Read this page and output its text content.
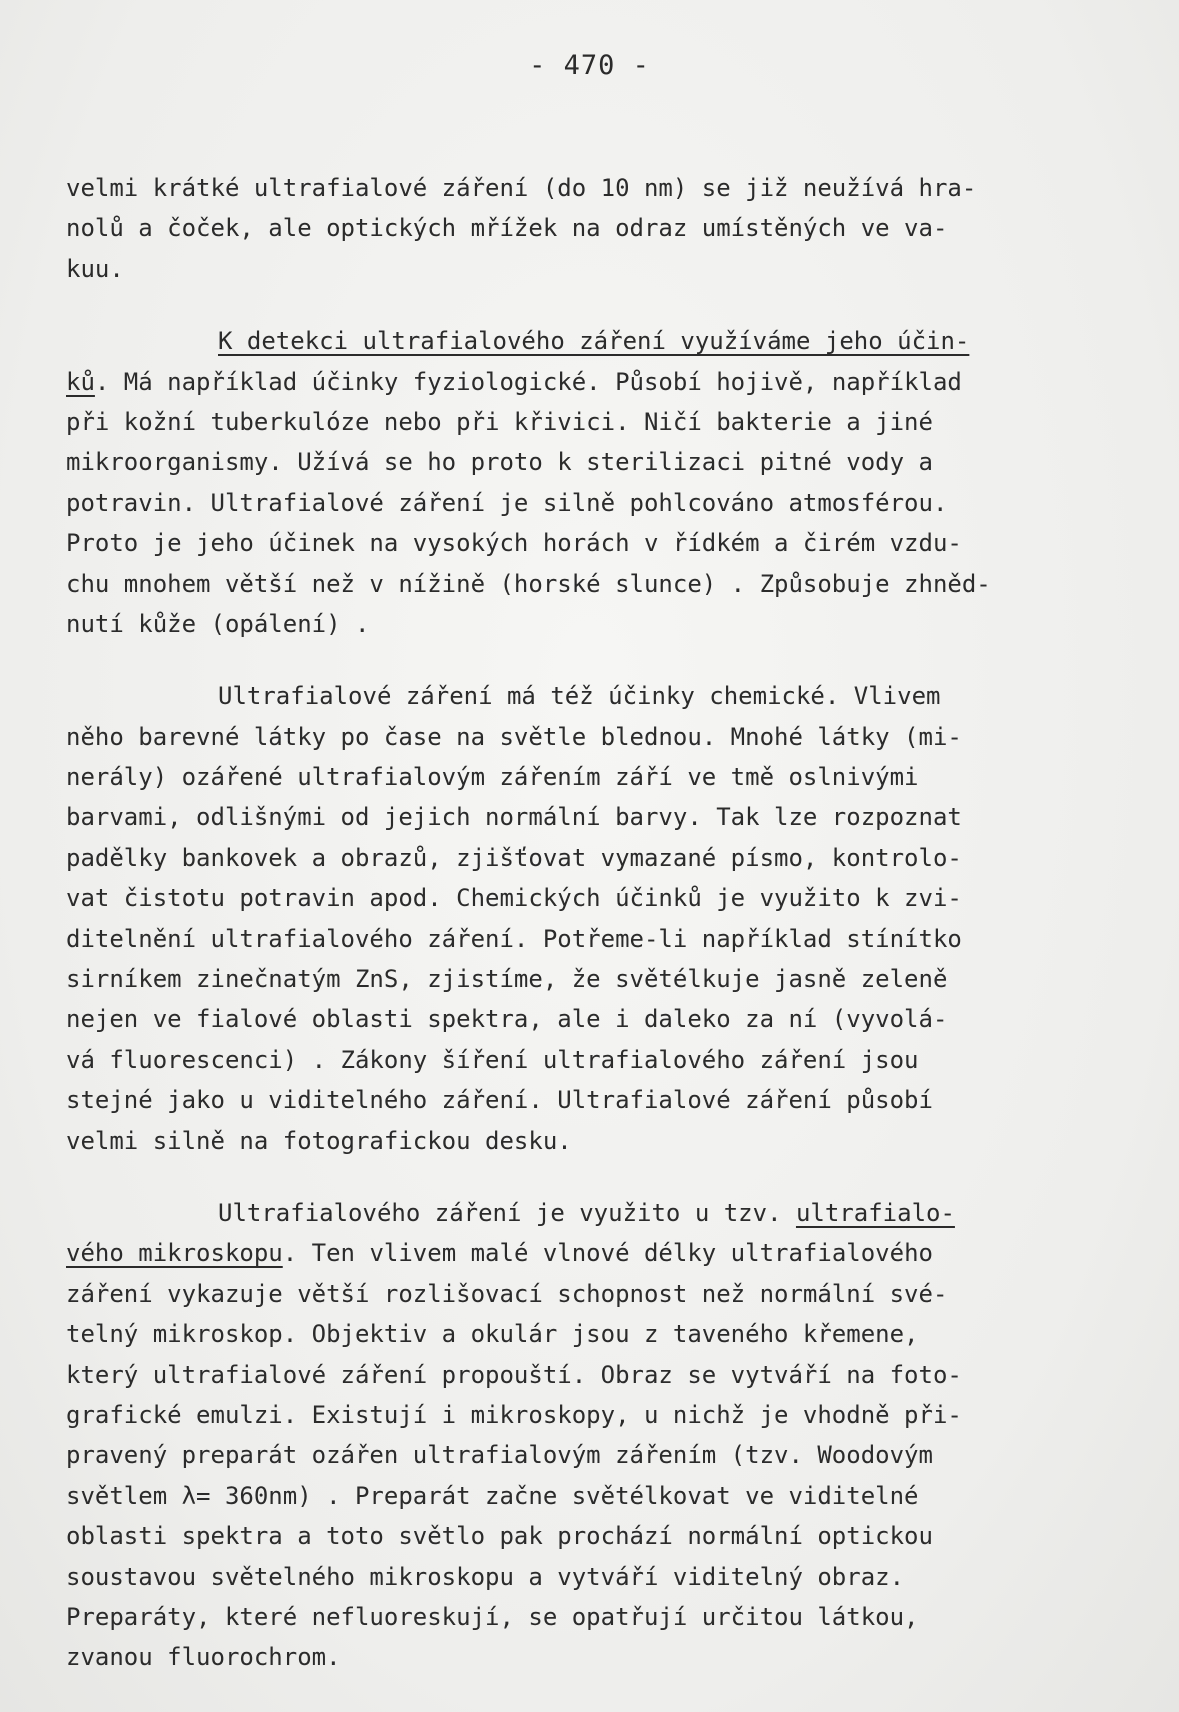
- 470 -
velmi krátké ultrafialové záření (do 10 nm) se již neužívá hra-
nolů a čoček, ale optických mřížek na odraz umístěných ve va-
kuu.
K detekci ultrafialového záření využíváme jeho účin-
ků. Má například účinky fyziologické. Působí hojivě, například
při kožní tuberkulóze nebo při křivici. Ničí bakterie a jiné
mikroorganismy. Užívá se ho proto k sterilizaci pitné vody a
potravin. Ultrafialové záření je silně pohlcováno atmosférou.
Proto je jeho účinek na vysokých horách v řídkém a čirém vzdu-
chu mnohem větší než v nížině (horské slunce) . Způsobuje zhněd-
nutí kůže (opálení) .
Ultrafialové záření má též účinky chemické. Vlivem
něho barevné látky po čase na světle blednou. Mnohé látky (mi-
nerály) ozářené ultrafialovým zářením září ve tmě oslnivými
barvami, odlišnými od jejich normální barvy. Tak lze rozpoznat
padělky bankovek a obrazů, zjišťovat vymazané písmo, kontrolo-
vat čistotu potravin apod. Chemických účinků je využito k zvi-
ditelnění ultrafialového záření. Potřeme-li například stínítko
sirníkem zinečnatým ZnS, zjistíme, že světélkuje jasně zeleně
nejen ve fialové oblasti spektra, ale i daleko za ní (vyvolá-
vá fluorescenci) . Zákony šíření ultrafialového záření jsou
stejné jako u viditelného záření. Ultrafialové záření působí
velmi silně na fotografickou desku.
Ultrafialového záření je využito u tzv. ultrafialo-
vého mikroskopu. Ten vlivem malé vlnové délky ultrafialového
záření vykazuje větší rozlišovací schopnost než normální své-
telný mikroskop. Objektiv a okulár jsou z taveného křemene,
který ultrafialové záření propouští. Obraz se vytváří na foto-
grafické emulzi. Existují i mikroskopy, u nichž je vhodně při-
pravený preparát ozářen ultrafialovým zářením (tzv. Woodovým
světlem λ= 360nm) . Preparát začne světélkovat ve viditelné
oblasti spektra a toto světlo pak prochází normální optickou
soustavou světelného mikroskopu a vytváří viditelný obraz.
Preparáty, které nefluoreskují, se opatřují určitou látkou,
zvanou fluorochrom.
